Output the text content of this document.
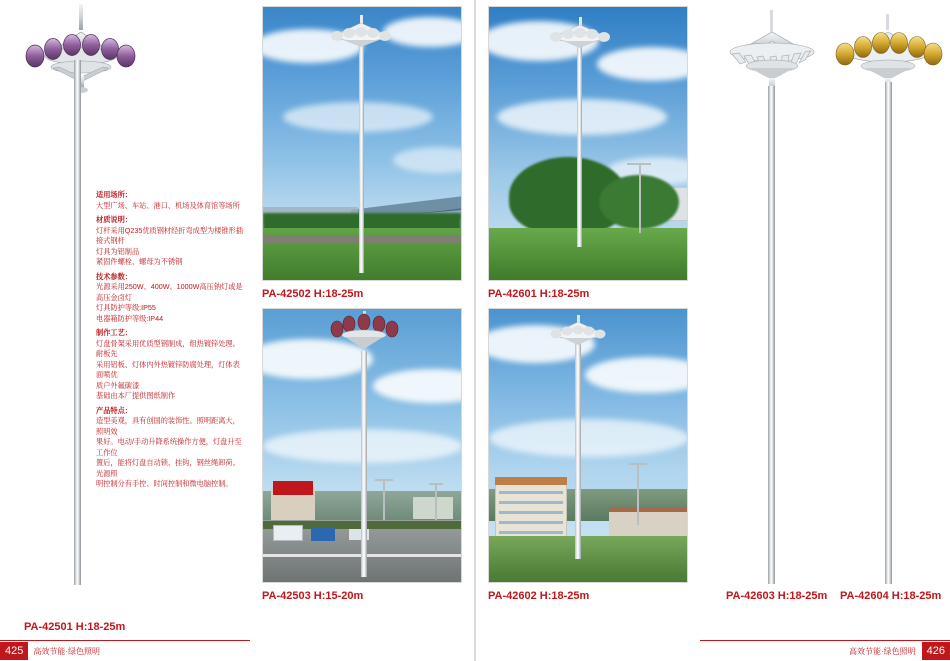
PA-42501 H:18-25m
适用场所：

大型广场、车站、港口、机场及体育馆等场所

材质说明：

灯杆采用Q235优质钢材经折弯成型为楼锥形插接式钢杆

灯具为铝制品

紧固件螺栓、螺母为不锈钢

技术参数：

光源采用250W、400W、1000W高压钠灯或是高压金卤灯

灯具防护等级:IP55

电器箱防护等级:IP44

制作工艺：

灯盘骨架采用优质型钢制成，组热镀锌处理。耐板先

采用铝板、灯体内外热镀锌防腐处理，灯体表面喷优

质户外氟碳漆

基础由本厂提供图纸制作

产品特点：

造型美观，具有创国的装饰性。照明距离大，照明效

果好。电动/手动升降系统操作方便，灯盘升至工作位

置后，能将灯盘自动锁、挂钩，钢丝绳卸荷。光源照

明控制分有手控、时间控制和微电脑控制。

PA-42502 H:18-25m
PA-42503 H:15-20m
PA-42601 H:18-25m
PA-42602 H:18-25m	PA-42603 H:18-25m PA-42604 H:18-25m
425	高效节能·绿色照明	高效节能·绿色照明	426
